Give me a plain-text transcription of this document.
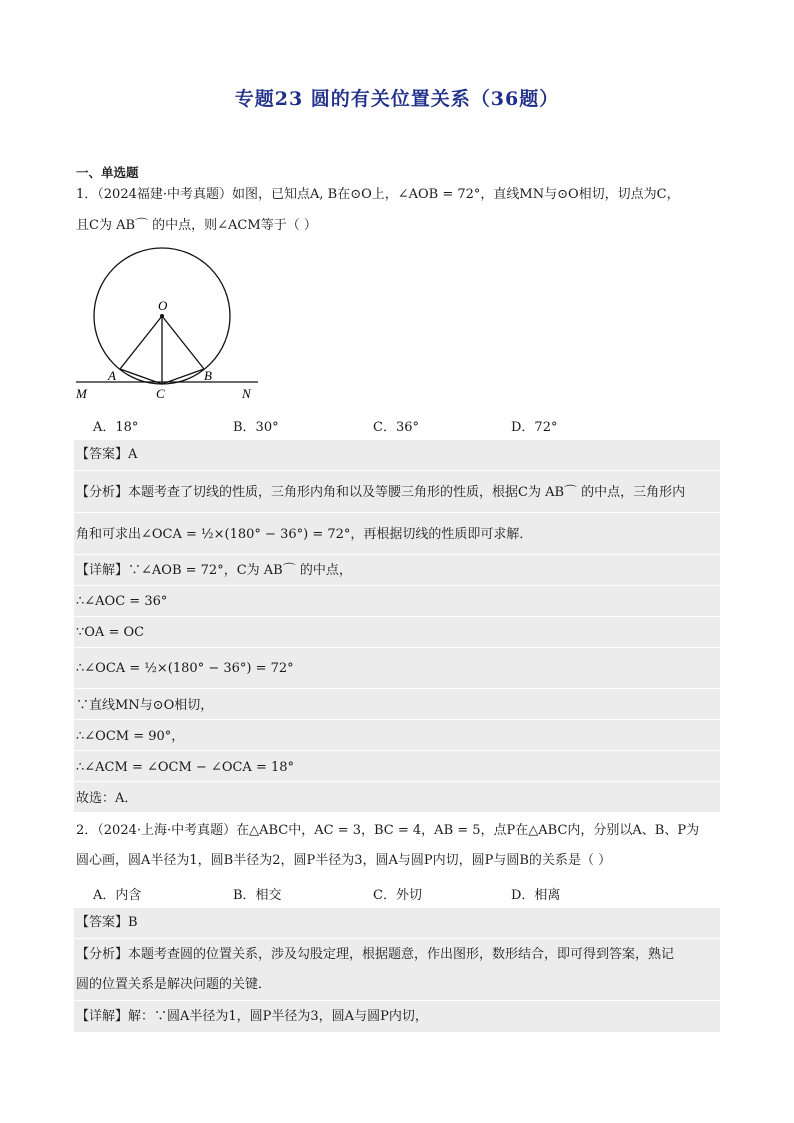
专题23 圆的有关位置关系（36题）
一、单选题
1．（2024福建·中考真题）如图，已知点A, B在⊙O上，∠AOB = 72°，直线MN与⊙O相切，切点为C，
且C为 AB⌒ 的中点，则∠ACM等于（ ）
O
A	B
C
M	N
A．18°	B．30°	C．36°	D．72°
【答案】A
【分析】本题考查了切线的性质，三角形内角和以及等腰三角形的性质，根据C为 AB⌒ 的中点，三角形内
角和可求出∠OCA = ½×(180° − 36°) = 72°，再根据切线的性质即可求解．
【详解】∵∠AOB = 72°，C为 AB⌒ 的中点，
∴∠AOC = 36°
∵OA = OC
∴∠OCA = ½×(180° − 36°) = 72°
∵直线MN与⊙O相切，
∴∠OCM = 90°，
∴∠ACM = ∠OCM − ∠OCA = 18°
故选：A．
2．（2024·上海·中考真题）在△ABC中，AC = 3，BC = 4，AB = 5，点P在△ABC内，分别以A、B、P为
圆心画，圆A半径为1，圆B半径为2，圆P半径为3，圆A与圆P内切，圆P与圆B的关系是（ ）
A．内含	B．相交	C．外切	D．相离
【答案】B
【分析】本题考查圆的位置关系，涉及勾股定理，根据题意，作出图形，数形结合，即可得到答案，熟记
圆的位置关系是解决问题的关键．
【详解】解：∵圆A半径为1，圆P半径为3，圆A与圆P内切，
